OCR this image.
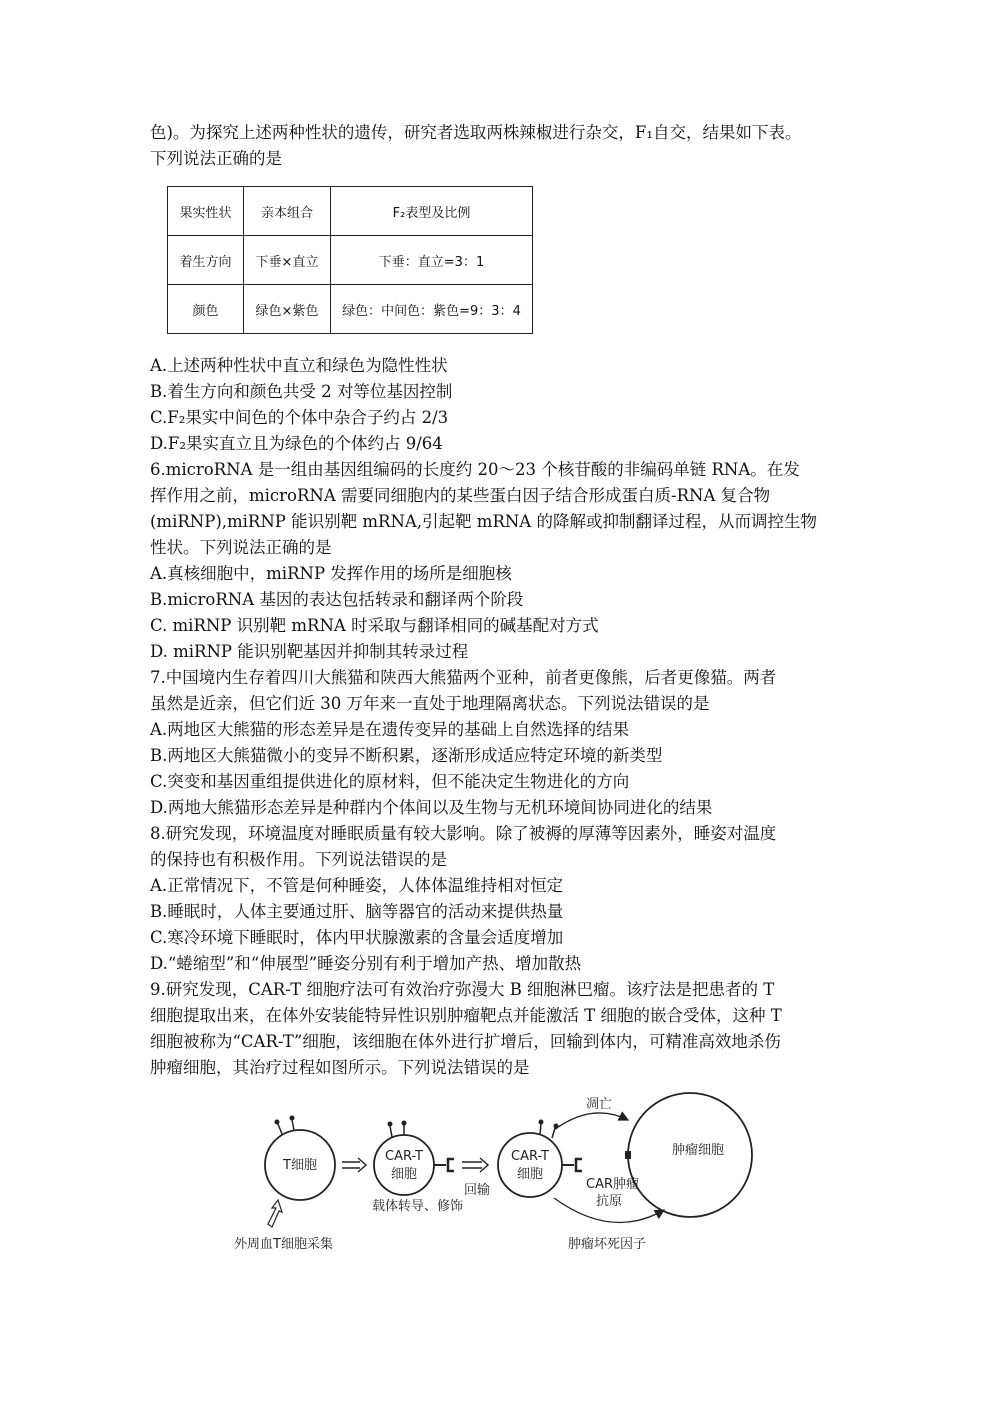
色)。为探究上述两种性状的遗传，研究者选取两株辣椒进行杂交，F₁自交，结果如下表。
下列说法正确的是
果实性状	亲本组合	F₂表型及比例
着生方向	下垂×直立	下垂：直立=3：1
颜色	绿色×紫色	绿色：中间色：紫色=9：3：4
A.上述两种性状中直立和绿色为隐性性状
B.着生方向和颜色共受 2 对等位基因控制
C.F₂果实中间色的个体中杂合子约占 2/3
D.F₂果实直立且为绿色的个体约占 9/64
6.microRNA 是一组由基因组编码的长度约 20～23 个核苷酸的非编码单链 RNA。在发
挥作用之前，microRNA 需要同细胞内的某些蛋白因子结合形成蛋白质-RNA 复合物
(miRNP),miRNP 能识别靶 mRNA,引起靶 mRNA 的降解或抑制翻译过程，从而调控生物
性状。下列说法正确的是
A.真核细胞中，miRNP 发挥作用的场所是细胞核
B.microRNA 基因的表达包括转录和翻译两个阶段
C. miRNP 识别靶 mRNA 时采取与翻译相同的碱基配对方式
D. miRNP 能识别靶基因并抑制其转录过程
7.中国境内生存着四川大熊猫和陕西大熊猫两个亚种，前者更像熊，后者更像猫。两者
虽然是近亲，但它们近 30 万年来一直处于地理隔离状态。下列说法错误的是
A.两地区大熊猫的形态差异是在遗传变异的基础上自然选择的结果
B.两地区大熊猫微小的变异不断积累，逐渐形成适应特定环境的新类型
C.突变和基因重组提供进化的原材料，但不能决定生物进化的方向
D.两地大熊猫形态差异是种群内个体间以及生物与无机环境间协同进化的结果
8.研究发现，环境温度对睡眠质量有较大影响。除了被褥的厚薄等因素外，睡姿对温度
的保持也有积极作用。下列说法错误的是
A.正常情况下，不管是何种睡姿，人体体温维持相对恒定
B.睡眠时，人体主要通过肝、脑等器官的活动来提供热量
C.寒冷环境下睡眠时，体内甲状腺激素的含量会适度增加
D.“蜷缩型”和“伸展型”睡姿分别有利于增加产热、增加散热
9.研究发现，CAR-T 细胞疗法可有效治疗弥漫大 B 细胞淋巴瘤。该疗法是把患者的 T
细胞提取出来，在体外安装能特异性识别肿瘤靶点并能激活 T 细胞的嵌合受体，这种 T
细胞被称为“CAR-T”细胞，该细胞在体外进行扩增后，回输到体内，可精准高效地杀伤
肿瘤细胞，其治疗过程如图所示。下列说法错误的是
T细胞
CAR-T
细胞
载体转导、修饰
回输
CAR-T
细胞
肿瘤细胞
凋亡
CAR肿瘤
抗原
肿瘤坏死因子
外周血T细胞采集
